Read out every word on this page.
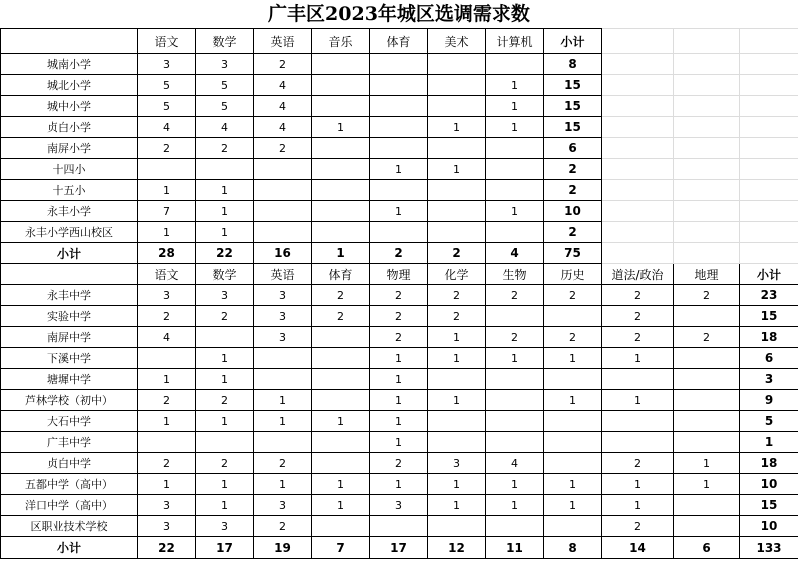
广丰区2023年城区选调需求数
	语文	数学	英语	音乐	体育	美术	计算机	小计			
城南小学	3	3	2					8			
城北小学	5	5	4				1	15			
城中小学	5	5	4				1	15			
贞白小学	4	4	4	1		1	1	15			
南屏小学	2	2	2					6			
十四小					1	1		2			
十五小	1	1						2			
永丰小学	7	1			1		1	10			
永丰小学西山校区	1	1						2			
小计	28	22	16	1	2	2	4	75			
	语文	数学	英语	体育	物理	化学	生物	历史	道法/政治	地理	小计
永丰中学	3	3	3	2	2	2	2	2	2	2	23
实验中学	2	2	3	2	2	2			2		15
南屏中学	4		3		2	1	2	2	2	2	18
下溪中学		1			1	1	1	1	1		6
塘墀中学	1	1			1						3
芦林学校（初中）	2	2	1		1	1		1	1		9
大石中学	1	1	1	1	1						5
广丰中学					1						1
贞白中学	2	2	2		2	3	4		2	1	18
五都中学（高中）	1	1	1	1	1	1	1	1	1	1	10
洋口中学（高中）	3	1	3	1	3	1	1	1	1		15
区职业技术学校	3	3	2						2		10
小计	22	17	19	7	17	12	11	8	14	6	133
